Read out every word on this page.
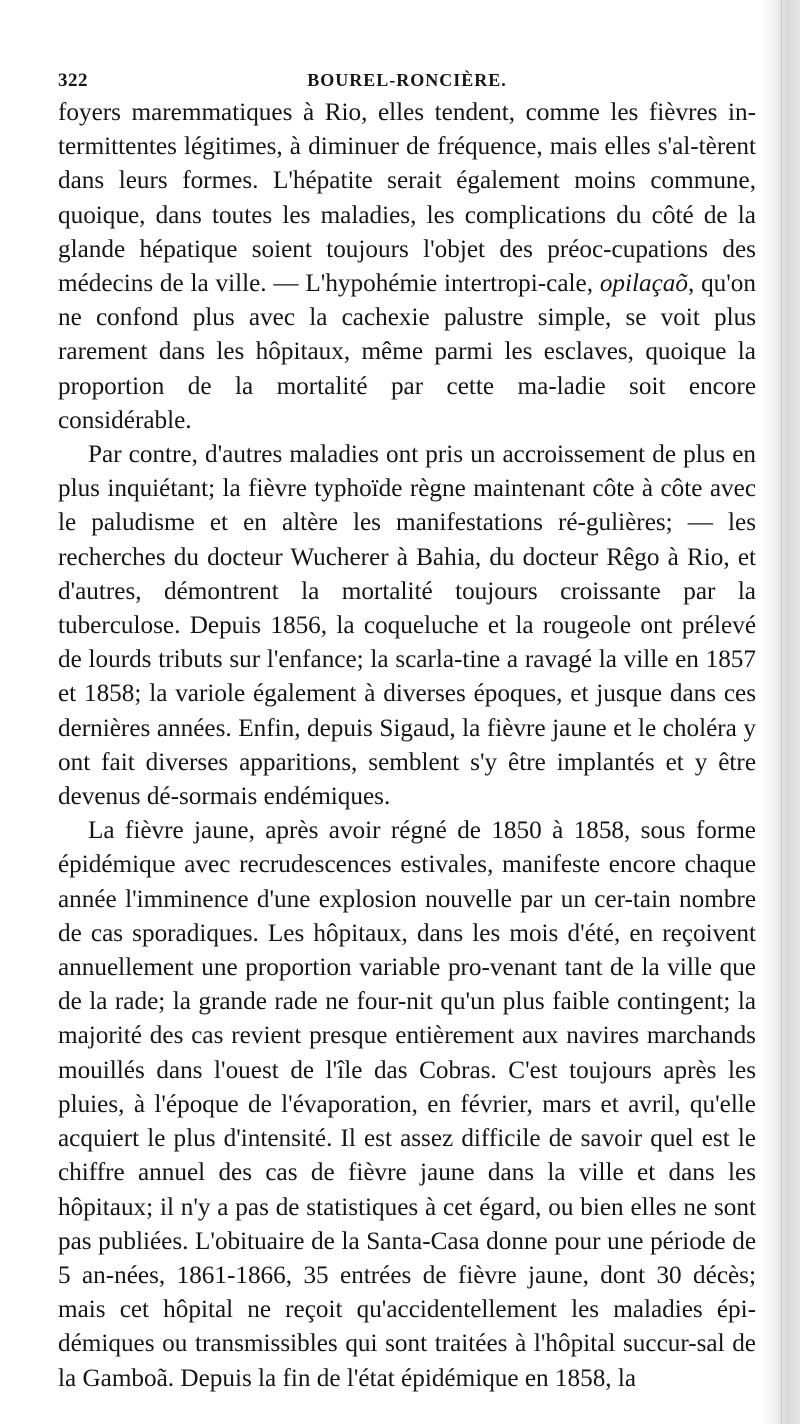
322	BOUREL-RONCIÈRE.

foyers maremmatiques à Rio, elles tendent, comme les fièvres in-termittentes légitimes, à diminuer de fréquence, mais elles s'al-tèrent dans leurs formes. L'hépatite serait également moins commune, quoique, dans toutes les maladies, les complications du côté de la glande hépatique soient toujours l'objet des préoc-cupations des médecins de la ville. — L'hypohémie intertropi-cale, opilaçaõ, qu'on ne confond plus avec la cachexie palustre simple, se voit plus rarement dans les hôpitaux, même parmi les esclaves, quoique la proportion de la mortalité par cette ma-ladie soit encore considérable.

Par contre, d'autres maladies ont pris un accroissement de plus en plus inquiétant; la fièvre typhoïde règne maintenant côte à côte avec le paludisme et en altère les manifestations ré-gulières; — les recherches du docteur Wucherer à Bahia, du docteur Rêgo à Rio, et d'autres, démontrent la mortalité toujours croissante par la tuberculose. Depuis 1856, la coqueluche et la rougeole ont prélevé de lourds tributs sur l'enfance; la scarla-tine a ravagé la ville en 1857 et 1858; la variole également à diverses époques, et jusque dans ces dernières années. Enfin, depuis Sigaud, la fièvre jaune et le choléra y ont fait diverses apparitions, semblent s'y être implantés et y être devenus dé-sormais endémiques.

La fièvre jaune, après avoir régné de 1850 à 1858, sous forme épidémique avec recrudescences estivales, manifeste encore chaque année l'imminence d'une explosion nouvelle par un cer-tain nombre de cas sporadiques. Les hôpitaux, dans les mois d'été, en reçoivent annuellement une proportion variable pro-venant tant de la ville que de la rade; la grande rade ne four-nit qu'un plus faible contingent; la majorité des cas revient presque entièrement aux navires marchands mouillés dans l'ouest de l'île das Cobras. C'est toujours après les pluies, à l'époque de l'évaporation, en février, mars et avril, qu'elle acquiert le plus d'intensité. Il est assez difficile de savoir quel est le chiffre annuel des cas de fièvre jaune dans la ville et dans les hôpitaux; il n'y a pas de statistiques à cet égard, ou bien elles ne sont pas publiées. L'obituaire de la Santa-Casa donne pour une période de 5 an-nées, 1861-1866, 35 entrées de fièvre jaune, dont 30 décès; mais cet hôpital ne reçoit qu'accidentellement les maladies épi-démiques ou transmissibles qui sont traitées à l'hôpital succur-sal de la Gamboã. Depuis la fin de l'état épidémique en 1858, la
